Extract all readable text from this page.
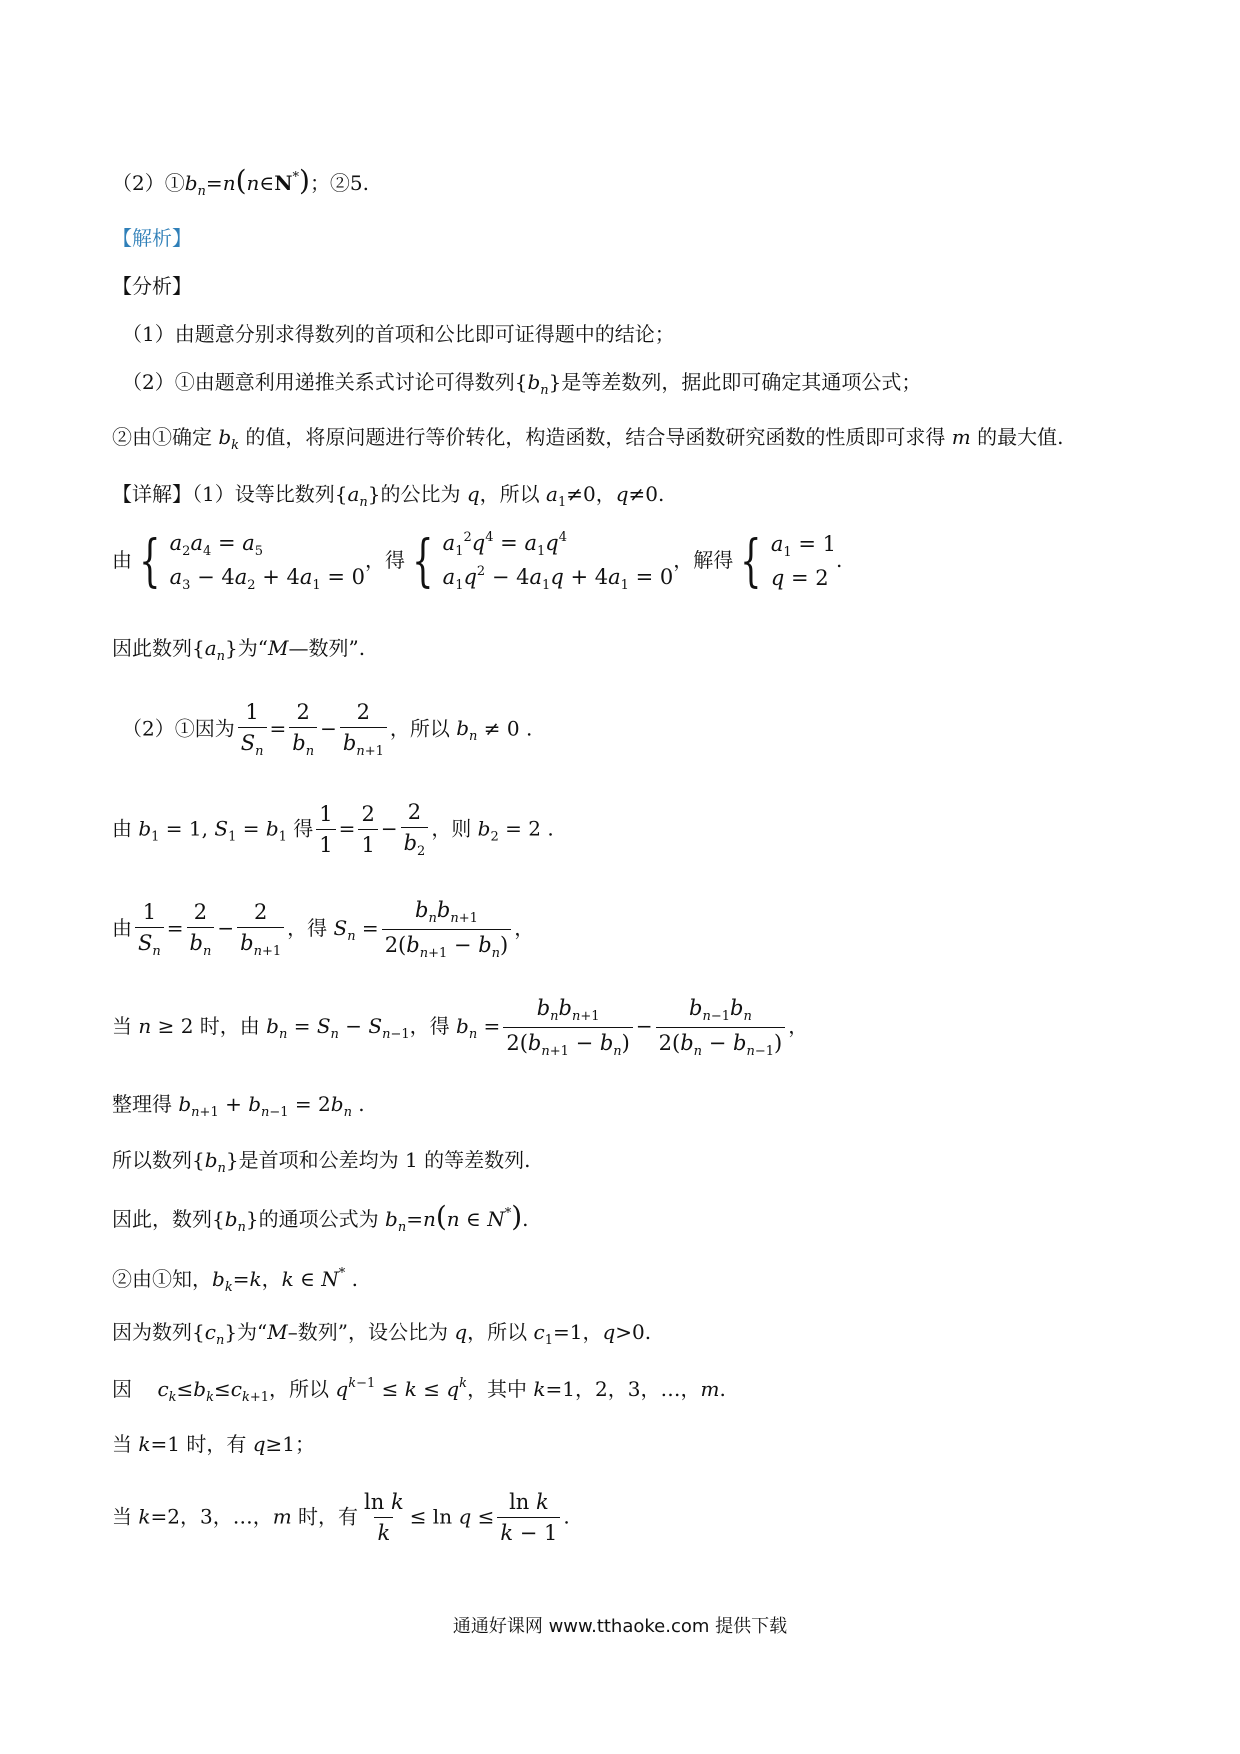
$(2)①b_n=n(n\in N^*)$；②5.
【解析】
【分析】
（1）由题意分别求得数列的首项和公比即可证得题中的结论；
（2）①由题意利用递推关系式讨论可得数列$\{b_n\}$是等差数列，据此即可确定其通项公式；
②由①确定 $b_k$ 的值，将原问题进行等价转化，构造函数，结合导函数研究函数的性质即可求得 m 的最大值.
【详解】（1）设等比数列$\{a_n\}$的公比为 q，所以 $a_1\ne 0$，q≠0.
由 { $a_2a_4 = a_5$
$a_3 - 4a_2 + 4a_1 = 0$
，得 { $a_1^2q^4 = a_1q^4$
$a_1q^2 - 4a_1q + 4a_1 = 0$
，解得 { $a_1 = 1$
q = 2
.
因此数列$\{a_n\}$为“M—数列”.
（2）①因为 $\frac{1}{S_n} = \frac{2}{b_n} - \frac{2}{b_{n+1}}$ ，所以 $b_n \ne 0$ .
由 $b_1 = 1$, $S_1 = b_1$ 得 $\frac{1}{1} = \frac{2}{1} - \frac{2}{b_2}$ ，则 $b_2 = 2$ .
由 $\frac{1}{S_n} = \frac{2}{b_n} - \frac{2}{b_{n+1}}$ ，得 $S_n = \frac{b_nb_{n+1}}{2(b_{n+1} - b_n)}$ ，
当 n ≥ 2 时，由 $b_n = S_n - S_{n-1}$，得 $b_n = \frac{b_nb_{n+1}}{2(b_{n+1} - b_n)} - \frac{b_{n-1}b_n}{2(b_n - b_{n-1})}$ ，
整理得 $b_{n+1} + b_{n-1} = 2b_n$ .
所以数列$\{b_n\}$是首项和公差均为 1 的等差数列.
因此，数列$\{b_n\}$的通项公式为 $b_n=n(n$ ∈ N*).
②由①知，$b_k=k$，k ∈ N* .
因为数列$\{c_n\}$为“M–数列”，设公比为 q，所以 $c_1=1$，q>0.
因    $c_k\le b_k\le c_{k+1}$，所以 $q^{k-1} \le k \le q^k$，其中 k=1，2，3，…，m.
当 k=1 时，有 q≥1；
当 k=2，3，…，m 时，有 $\frac{\text{ln k}}{k} \le \ln q \le \frac{\text{ln k}}{k - 1}$ .
通通好课网 www.tthaoke.com 提供下载
